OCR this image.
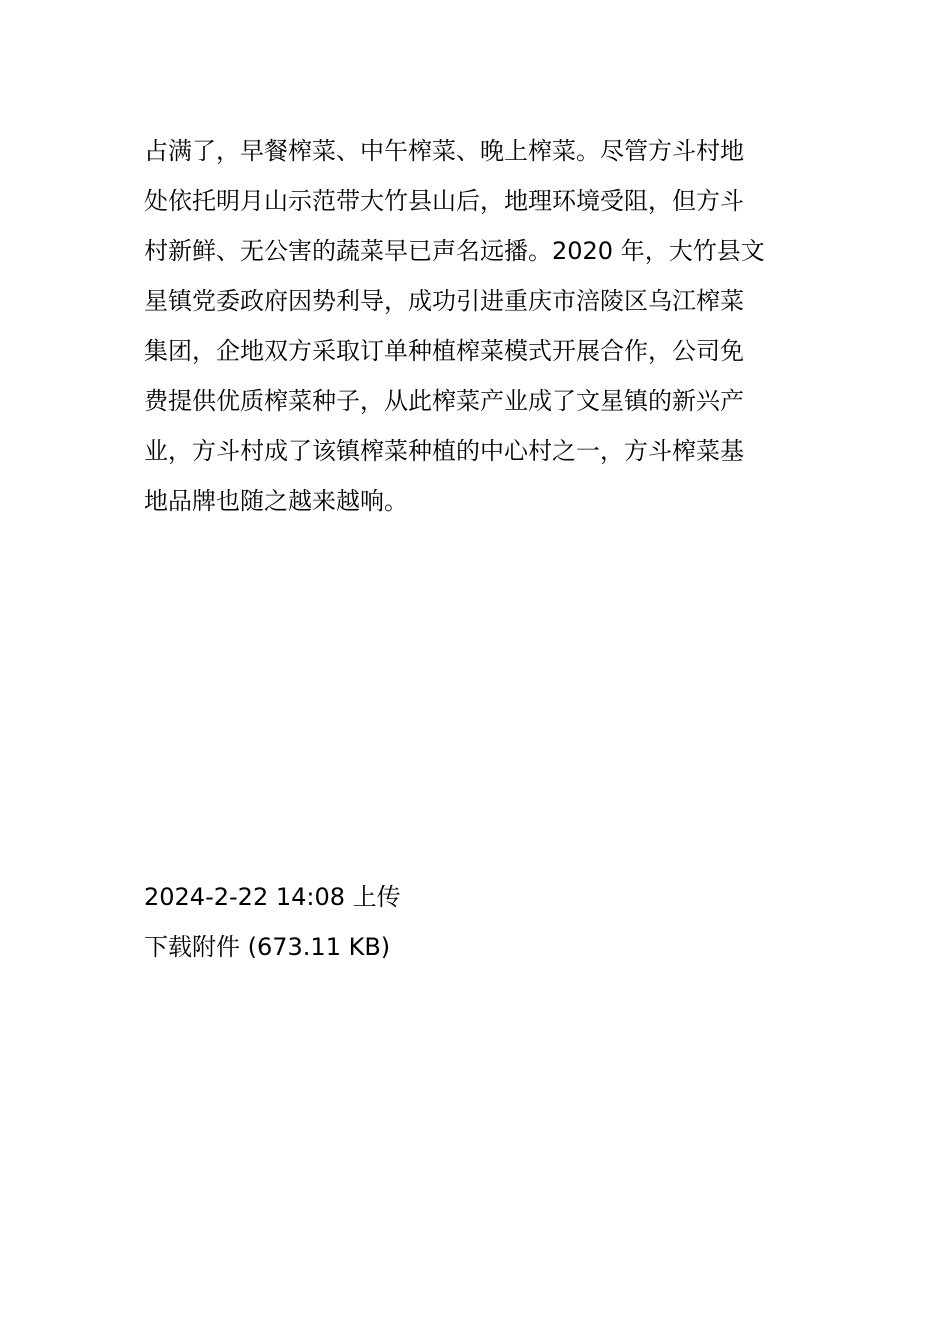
占满了，早餐榨菜、中午榨菜、晚上榨菜。尽管方斗村地
处依托明月山示范带大竹县山后，地理环境受阻，但方斗
村新鲜、无公害的蔬菜早已声名远播。2020 年，大竹县文
星镇党委政府因势利导，成功引进重庆市涪陵区乌江榨菜
集团，企地双方采取订单种植榨菜模式开展合作，公司免
费提供优质榨菜种子，从此榨菜产业成了文星镇的新兴产
业，方斗村成了该镇榨菜种植的中心村之一，方斗榨菜基
地品牌也随之越来越响。
2024-2-22 14:08 上传
下载附件 (673.11 KB)
